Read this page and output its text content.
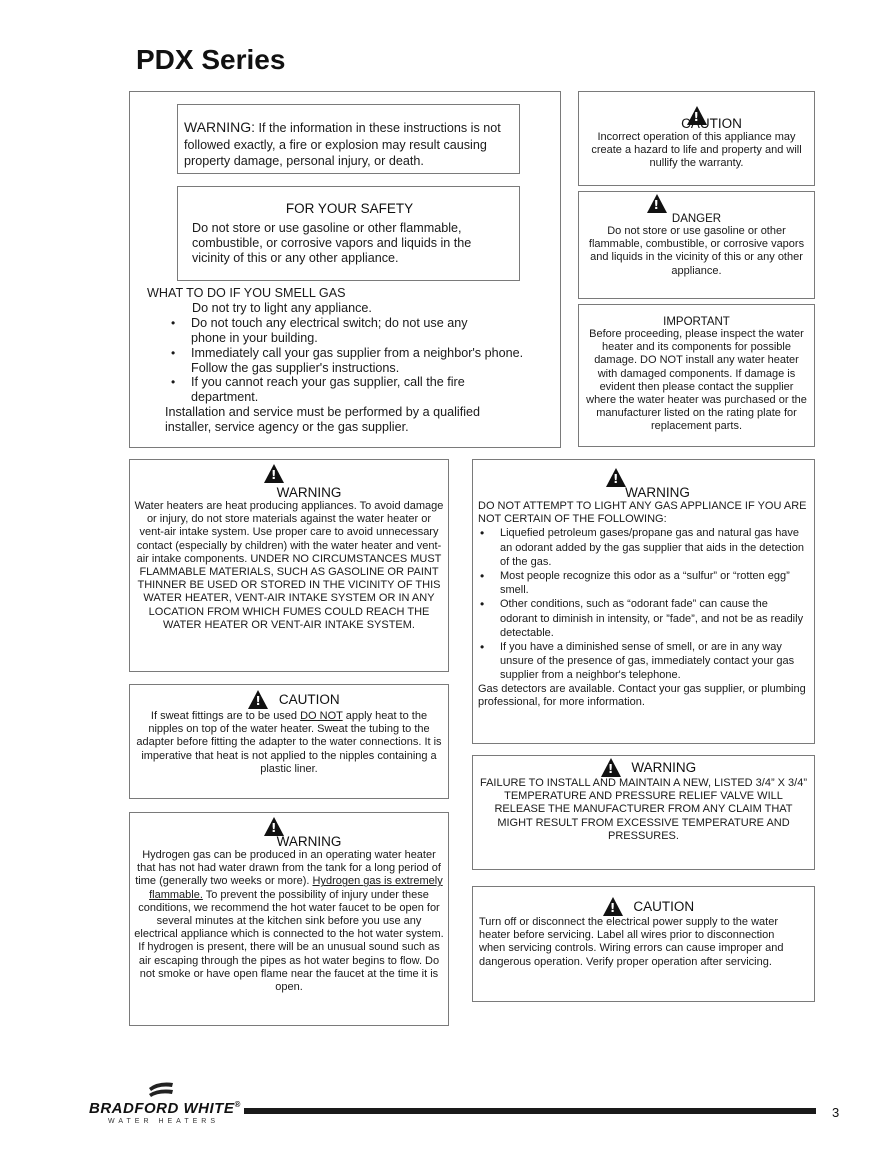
PDX Series
WARNING: If the information in these instructions is not followed exactly, a fire or explosion may result causing property damage, personal injury, or death.
FOR YOUR SAFETY
Do not store or use gasoline or other flammable, combustible, or corrosive vapors and liquids in the vicinity of this or any other appliance.
WHAT TO DO IF YOU SMELL GAS
Do not try to light any appliance.
• Do not touch any electrical switch; do not use any phone in your building.
• Immediately call your gas supplier from a neighbor's phone. Follow the gas supplier's instructions.
• If you cannot reach your gas supplier, call the fire department.
Installation and service must be performed by a qualified installer, service agency or the gas supplier.
!
CAUTION
Incorrect operation of this appliance may create a hazard to life and property and will nullify the warranty.
!
DANGER
Do not store or use gasoline or other flammable, combustible, or corrosive vapors and liquids in the vicinity of this or any other appliance.
IMPORTANT
Before proceeding, please inspect the water heater and its components for possible damage. DO NOT install any water heater with damaged components. If damage is evident then please contact the supplier where the water heater was purchased or the manufacturer listed on the rating plate for replacement parts.
!
WARNING
Water heaters are heat producing appliances. To avoid damage or injury, do not store materials against the water heater or vent-air intake system. Use proper care to avoid unnecessary contact (especially by children) with the water heater and vent-air intake components. UNDER NO CIRCUMSTANCES MUST FLAMMABLE MATERIALS, SUCH AS GASOLINE OR PAINT THINNER BE USED OR STORED IN THE VICINITY OF THIS WATER HEATER, VENT-AIR INTAKE SYSTEM OR IN ANY LOCATION FROM WHICH FUMES COULD REACH THE WATER HEATER OR VENT-AIR INTAKE SYSTEM.
! CAUTION
If sweat fittings are to be used DO NOT apply heat to the nipples on top of the water heater. Sweat the tubing to the adapter before fitting the adapter to the water connections. It is imperative that heat is not applied to the nipples containing a plastic liner.
!
WARNING
Hydrogen gas can be produced in an operating water heater that has not had water drawn from the tank for a long period of time (generally two weeks or more). Hydrogen gas is extremely flammable. To prevent the possibility of injury under these conditions, we recommend the hot water faucet to be open for several minutes at the kitchen sink before you use any electrical appliance which is connected to the hot water system. If hydrogen is present, there will be an unusual sound such as air escaping through the pipes as hot water begins to flow. Do not smoke or have open flame near the faucet at the time it is open.
!
WARNING
DO NOT ATTEMPT TO LIGHT ANY GAS APPLIANCE IF YOU ARE NOT CERTAIN OF THE FOLLOWING:
• Liquefied petroleum gases/propane gas and natural gas have an odorant added by the gas supplier that aids in the detection of the gas.
• Most people recognize this odor as a “sulfur” or “rotten egg” smell.
• Other conditions, such as “odorant fade” can cause the odorant to diminish in intensity, or ”fade”, and not be as readily detectable.
• If you have a diminished sense of smell, or are in any way unsure of the presence of gas, immediately contact your gas supplier from a neighbor's telephone.
Gas detectors are available. Contact your gas supplier, or plumbing professional, for more information.
! WARNING
FAILURE TO INSTALL AND MAINTAIN A NEW, LISTED 3/4” X 3/4” TEMPERATURE AND PRESSURE RELIEF VALVE WILL RELEASE THE MANUFACTURER FROM ANY CLAIM THAT MIGHT RESULT FROM EXCESSIVE TEMPERATURE AND PRESSURES.
! CAUTION
Turn off or disconnect the electrical power supply to the water heater before servicing. Label all wires prior to disconnection when servicing controls. Wiring errors can cause improper and dangerous operation. Verify proper operation after servicing.
BRADFORD WHITE®
WATER HEATERS
3
